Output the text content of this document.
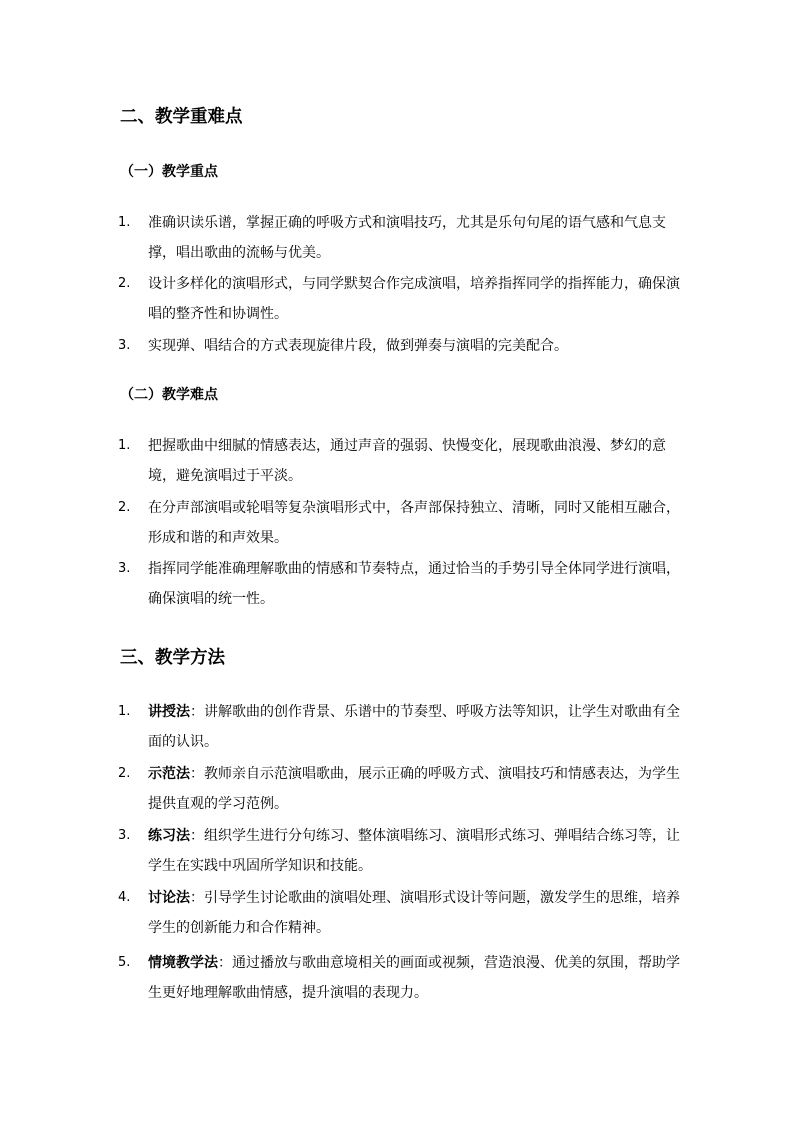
二、教学重难点
（一）教学重点
1.	准确识读乐谱，掌握正确的呼吸方式和演唱技巧，尤其是乐句句尾的语气感和气息支撑，唱出歌曲的流畅与优美。
2.	设计多样化的演唱形式，与同学默契合作完成演唱，培养指挥同学的指挥能力，确保演唱的整齐性和协调性。
3.	实现弹、唱结合的方式表现旋律片段，做到弹奏与演唱的完美配合。
（二）教学难点
1.	把握歌曲中细腻的情感表达，通过声音的强弱、快慢变化，展现歌曲浪漫、梦幻的意境，避免演唱过于平淡。
2.	在分声部演唱或轮唱等复杂演唱形式中，各声部保持独立、清晰，同时又能相互融合，形成和谐的和声效果。
3.	指挥同学能准确理解歌曲的情感和节奏特点，通过恰当的手势引导全体同学进行演唱，确保演唱的统一性。
三、教学方法
1.	讲授法：讲解歌曲的创作背景、乐谱中的节奏型、呼吸方法等知识，让学生对歌曲有全面的认识。
2.	示范法：教师亲自示范演唱歌曲，展示正确的呼吸方式、演唱技巧和情感表达，为学生提供直观的学习范例。
3.	练习法：组织学生进行分句练习、整体演唱练习、演唱形式练习、弹唱结合练习等，让学生在实践中巩固所学知识和技能。
4.	讨论法：引导学生讨论歌曲的演唱处理、演唱形式设计等问题，激发学生的思维，培养学生的创新能力和合作精神。
5.	情境教学法：通过播放与歌曲意境相关的画面或视频，营造浪漫、优美的氛围，帮助学生更好地理解歌曲情感，提升演唱的表现力。
